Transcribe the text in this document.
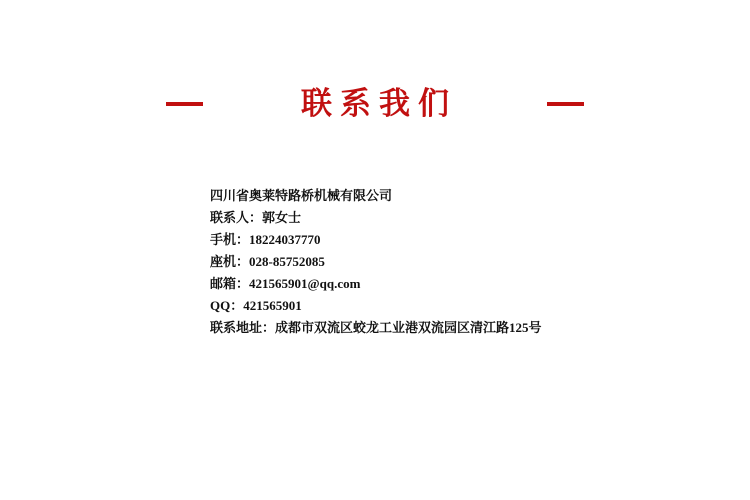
联系我们

四川省奥莱特路桥机械有限公司

联系人：郭女士

手机：18224037770

座机：028-85752085

邮箱：421565901@qq.com

QQ：421565901

联系地址：成都市双流区蛟龙工业港双流园区清江路125号
